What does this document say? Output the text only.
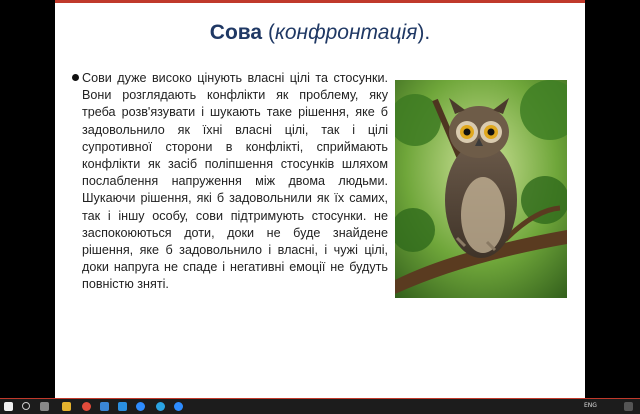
Сова (конфронтація).
Сови дуже високо цінують власні цілі та стосунки. Вони розглядають конфлікти як проблему, яку треба розв'язувати і шукають таке рішення, яке б задовольнило як їхні власні цілі, так і цілі супротивної сторони в конфлікті, сприймають конфлікти як засіб поліпшення стосунків шляхом послаблення напруження між двома людьми. Шукаючи рішення, які б задовольнили як їх самих, так і іншу особу, сови підтримують стосунки. не заспокоюються доти, доки не буде знайдене рішення, яке б задовольнило і власні, і чужі цілі, доки напруга не спаде і негативні емоції не будуть повністю зняті.
ENG
